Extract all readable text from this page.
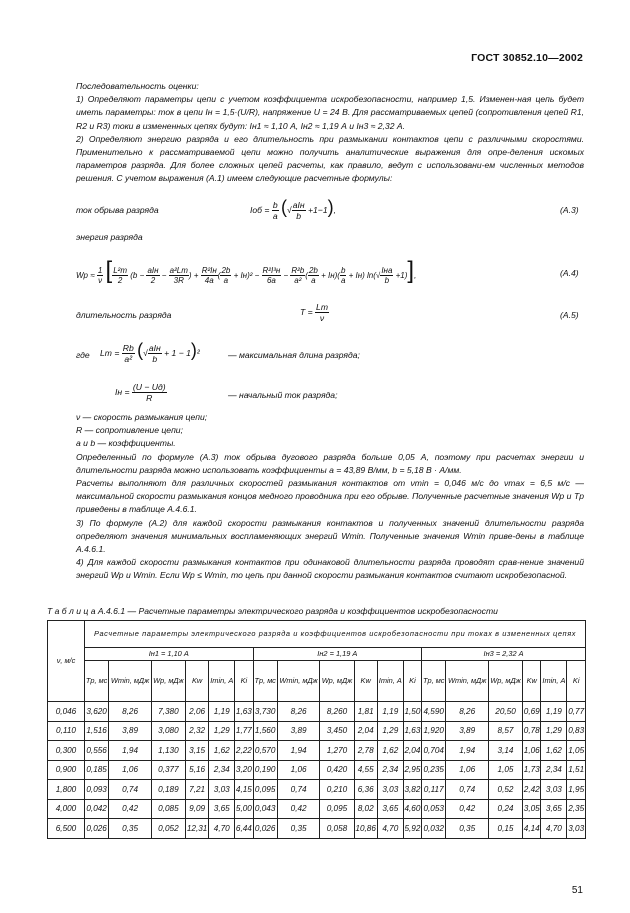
ГОСТ 30852.10—2002

Последовательность оценки:

1) Определяют параметры цепи с учетом коэффициента искробезопасности, например 1,5. Изменен-ная цепь будет иметь параметры: ток в цепи Iн = 1,5·(U/R), напряжение U = 24 В. Для рассматриваемых цепей (сопротивления цепей R1, R2 и R3) токи в измененных цепях будут: Iн1 ≈ 1,10 А, Iн2 ≈ 1,19 А и Iн3 ≈ 2,32 А.

2) Определяют энергию разряда и его длительность при размыкании контактов цепи с различными скоростями. Применительно к рассматриваемой цепи можно получить аналитические выражения для опре-деления искомых параметров разряда. Для более сложных цепей расчеты, как правило, ведут с использовани-ем численных методов решения. С учетом выражения (А.1) имеем следующие расчетные формулы:

ток обрыва разряда	Iоб = $\frac{b}{a}$ (√ $\frac{\text{aIн}}{b} +1-1$),	(А.3)
энергия разряда
Wр ≈ $\frac{1}{\nu}$ [ $\frac{\text{L²m}}{2} (b - \frac{\text{aIн}}{2} - \frac{\text{a²Lm}}{3R}$ ) + $\frac{\text{R²Iн}}{4a}$ ( $\frac{2b}{a} + Iн)^2 - \frac{\text{R²I³н}}{6a} - \frac{\text{R²b}}{\text{a²}}$ ( $\frac{2b}{a} + Iн)( \frac{b}{a} + Iн)$ $\ln(√ \frac{\text{Iнa}}{b} +1)$],	(А.4)
длительность разряда	$T = \frac{Lm}{\nu}$	(А.5)
где $Lm = \frac{Rb}{\text{a²}}$ (√ $\frac{\text{aIн}}{b} + 1 - 1)^2$	— максимальная длина разряда;
Iн = $\frac{(U - Uд)}{R}$	— начальный ток разряда;

ν — скорость размыкания цепи;

R — сопротивление цепи;

a и b — коэффициенты.

Определенный по формуле (А.3) ток обрыва дугового разряда больше 0,05 А, поэтому при расчетах энергии и длительности разряда можно использовать коэффициенты a = 43,89 В/мм, b = 5,18 В · А/мм.

Расчеты выполняют для различных скоростей размыкания контактов от νmin = 0,046 м/с до νmax = 6,5 м/с — максимальной скорости размыкания концов медного проводника при его обрыве. Полученные расчетные значения Wр и Tр приведены в таблице А.4.6.1.

3) По формуле (А.2) для каждой скорости размыкания контактов и полученных значений длительности разряда определяют значения минимальных воспламеняющих энергий Wmin. Полученные значения Wmin приве-дены в таблице А.4.6.1.

4) Для каждой скорости размыкания контактов при одинаковой длительности разряда проводят срав-нение значений энергий Wр и Wmin. Если Wр ≤ Wmin, то цепь при данной скорости размыкания контактов считают искробезопасной.

Т а б л и ц а А.4.6.1 — Расчетные параметры электрического разряда и коэффициентов искробезопасности
ν, м/с	Расчетные параметры электрического разряда и коэффициентов искробезопасности при токах в измененных цепях																	
	Iн1 = 1,10 А						Iн2 = 1,19 А						Iн3 = 2,32 А					
	Tр, мс	Wmin, мДж	Wр, мДж	Kw	Imin, А	Ki	Tр, мс	Wmin, мДж	Wр, мДж	Kw	Imin, А	Ki	Tр, мс	Wmin, мДж	Wр, мДж	Kw	Imin, А	Ki
0,046	3,620	8,26	7,380	2,06	1,19	1,63	3,730	8,26	8,260	1,81	1,19	1,50	4,590	8,26	20,50	0,69	1,19	0,77
0,110	1,516	3,89	3,080	2,32	1,29	1,77	1,560	3,89	3,450	2,04	1,29	1,63	1,920	3,89	8,57	0,78	1,29	0,83
0,300	0,556	1,94	1,130	3,15	1,62	2,22	0,570	1,94	1,270	2,78	1,62	2,04	0,704	1,94	3,14	1,06	1,62	1,05
0,900	0,185	1,06	0,377	5,16	2,34	3,20	0,190	1,06	0,420	4,55	2,34	2,95	0,235	1,06	1,05	1,73	2,34	1,51
1,800	0,093	0,74	0,189	7,21	3,03	4,15	0,095	0,74	0,210	6,36	3,03	3,82	0,117	0,74	0,52	2,42	3,03	1,95
4,000	0,042	0,42	0,085	9,09	3,65	5,00	0,043	0,42	0,095	8,02	3,65	4,60	0,053	0,42	0,24	3,05	3,65	2,35
6,500	0,026	0,35	0,052	12,31	4,70	6,44	0,026	0,35	0,058	10,86	4,70	5,92	0,032	0,35	0,15	4,14	4,70	3,03
51
